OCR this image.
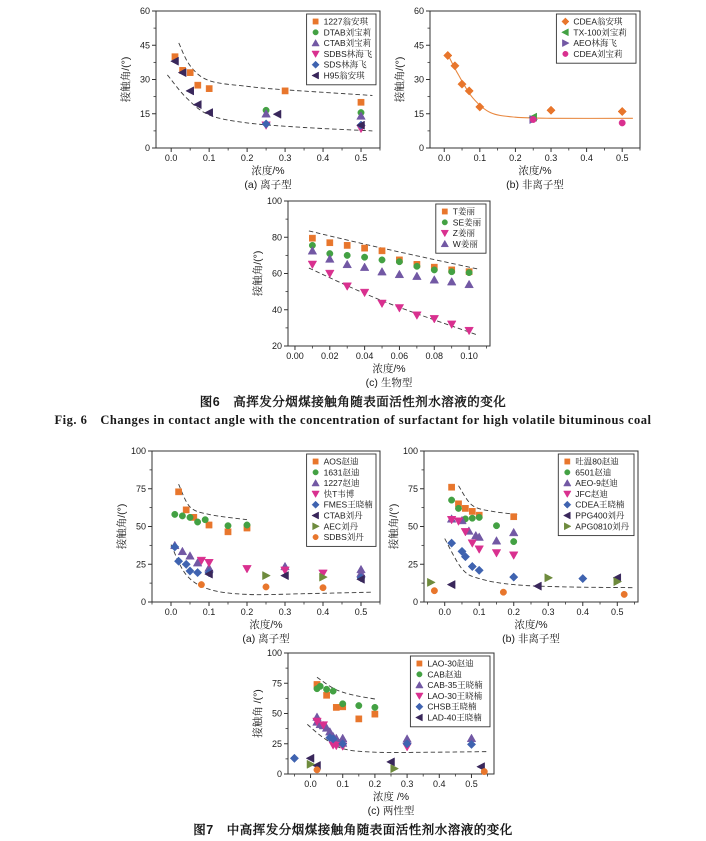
0.0	0.1	0.2	0.3	0.4	0.5
0
15
30
45
60
浓度/%
接触角/(°)
(a) 离子型
1227翁安琪
DTAB刘宝莉
CTAB刘宝莉
SDBS林海飞
SDS林海飞
H95翁安琪
0.0	0.1	0.2	0.3	0.4	0.5
0
15
30
45
60
浓度/%
接触角/(°)
(b) 非离子型
CDEA翁安琪
TX-100刘宝莉
AEO林海飞
CDEA刘宝莉
0.00 0.02 0.04 0.06 0.08 0.10
20
40
60
80
100
浓度/%
接触角/(°)
(c) 生物型
T姜丽
SE姜丽
Z姜丽
W姜丽
图6　高挥发分烟煤接触角随表面活性剂水溶液的变化
Fig. 6　Changes in contact angle with the concentration of surfactant for high volatile bituminous coal
0.0	0.1	0.2	0.3	0.4	0.5
0
25
50
75
100
浓度/%
接触角/(°)
(a) 离子型
AOS赵迪
1631赵迪
1227赵迪
快T韦博
FMES王晓楠
CTAB刘丹
AEC刘丹
SDBS刘丹
0.0 0.1 0.2 0.3 0.4 0.5
0
25
50
75
100
浓度/%
接触角/(°)
(b) 非离子型
吐温80赵迪
6501赵迪
AEO-9赵迪
JFC赵迪
CDEA王晓楠
PPG400刘丹
APG0810刘丹
0.0 0.1 0.2 0.3 0.4 0.5
0
25
50
75
100
浓度 /%
接触角 /(°)
(c) 两性型
LAO-30赵迪
CAB赵迪
CAB-35王晓楠
LAO-30王晓楠
CHSB王晓楠
LAD-40王晓楠
图7　中高挥发分烟煤接触角随表面活性剂水溶液的变化
